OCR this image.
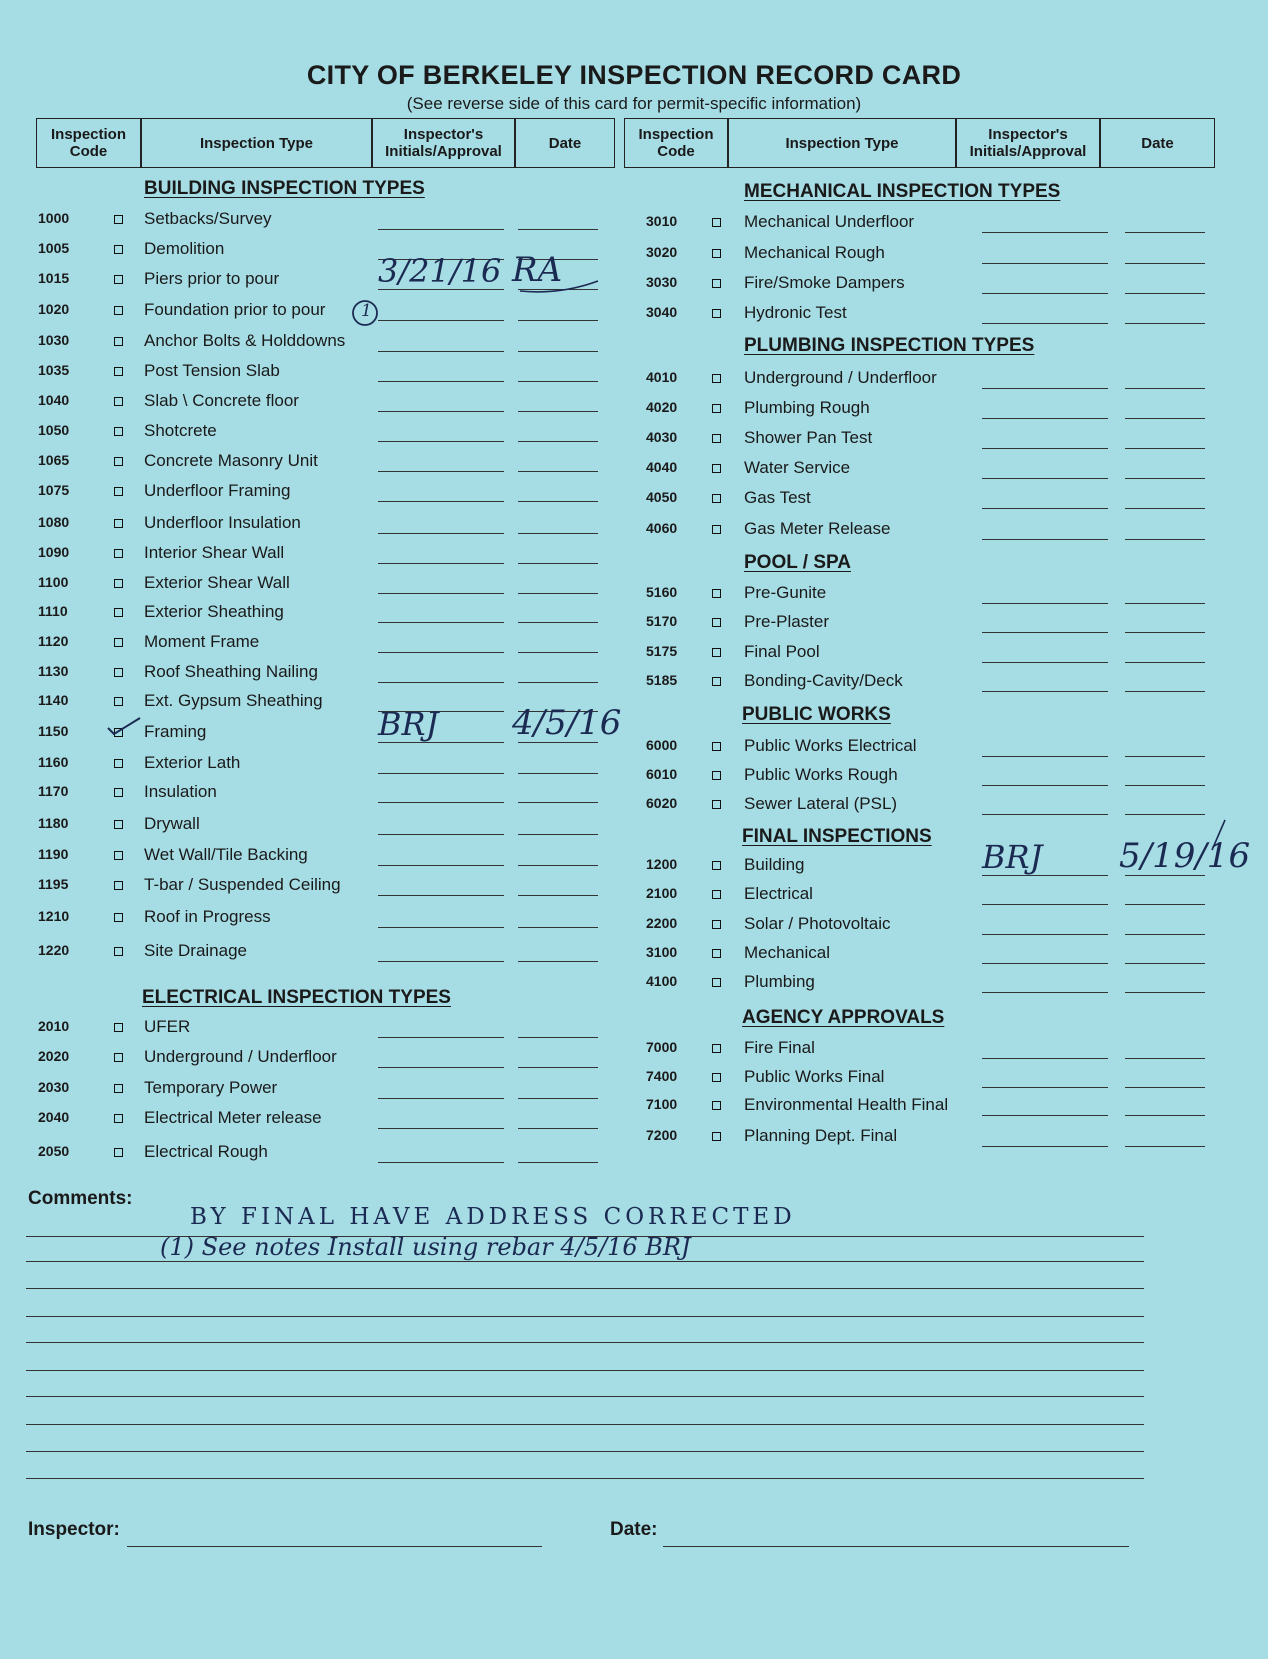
CITY OF BERKELEY INSPECTION RECORD CARD
(See reverse side of this card for permit-specific information)
Inspection Code	Inspection Type	Inspector's Initials/Approval	Date	Inspection Code	Inspection Type	Inspector's Initials/Approval	Date
BUILDING INSPECTION TYPES
ELECTRICAL INSPECTION TYPES
MECHANICAL INSPECTION TYPES
PLUMBING INSPECTION TYPES
POOL / SPA
PUBLIC WORKS
FINAL INSPECTIONS
AGENCY APPROVALS
1000	Setbacks/Survey
1005	Demolition
1015	Piers prior to pour	3/21/16 RA
1020	Foundation prior to pour
1030	Anchor Bolts & Holddowns
1035	Post Tension Slab
1040	Slab \ Concrete floor
1050	Shotcrete
1065	Concrete Masonry Unit
1075	Underfloor Framing
1080	Underfloor Insulation
1090	Interior Shear Wall
1100	Exterior Shear Wall
1110	Exterior Sheathing
1120	Moment Frame
1130	Roof Sheathing Nailing
1140	Ext. Gypsum Sheathing
1150	Framing	BRJ 4/5/16
1160	Exterior Lath
1170	Insulation
1180	Drywall
1190	Wet Wall/Tile Backing
1195	T-bar / Suspended Ceiling
1210	Roof in Progress
1220	Site Drainage
2010	UFER
2020	Underground / Underfloor
2030	Temporary Power
2040	Electrical Meter release
2050	Electrical Rough
3010	Mechanical Underfloor
3020	Mechanical Rough
3030	Fire/Smoke Dampers
3040	Hydronic Test
4010	Underground / Underfloor
4020	Plumbing Rough
4030	Shower Pan Test
4040	Water Service
4050	Gas Test
4060	Gas Meter Release
5160	Pre-Gunite
5170	Pre-Plaster
5175	Final Pool
5185	Bonding-Cavity/Deck
6000	Public Works Electrical
6010	Public Works Rough
6020	Sewer Lateral (PSL)
1200	Building	BRJ 5/19/16
2100	Electrical
2200	Solar / Photovoltaic
3100	Mechanical
4100	Plumbing
7000	Fire Final
7400	Public Works Final
7100	Environmental Health Final
7200	Planning Dept. Final
1
Comments:
BY FINAL HAVE ADDRESS CORRECTED
(1) See notes Install using rebar 4/5/16 BRJ
Inspector:	Date:
